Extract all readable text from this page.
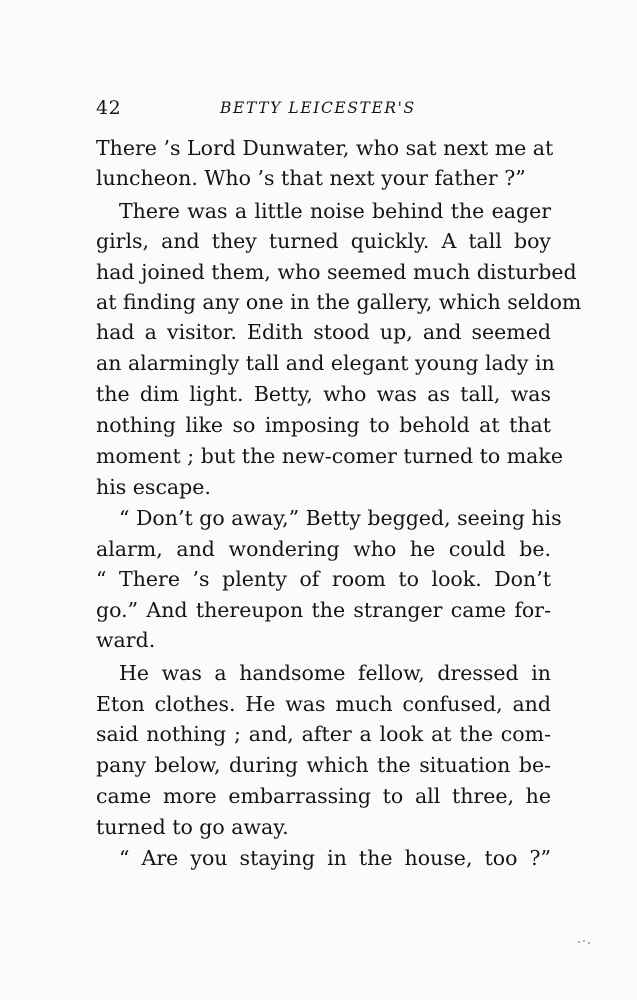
42	BETTY LEICESTER'S
There ’s Lord Dunwater, who sat next me at
luncheon. Who ’s that next your father ?”
There was a little noise behind the eager
girls, and they turned quickly. A tall boy
had joined them, who seemed much disturbed
at finding any one in the gallery, which seldom
had a visitor. Edith stood up, and seemed
an alarmingly tall and elegant young lady in
the dim light. Betty, who was as tall, was
nothing like so imposing to behold at that
moment ; but the new-comer turned to make
his escape.
“ Don’t go away,” Betty begged, seeing his
alarm, and wondering who he could be.
“ There ’s plenty of room to look. Don’t
go.” And thereupon the stranger came for-
ward.
He was a handsome fellow, dressed in
Eton clothes. He was much confused, and
said nothing ; and, after a look at the com-
pany below, during which the situation be-
came more embarrassing to all three, he
turned to go away.
“ Are you staying in the house, too ?”
